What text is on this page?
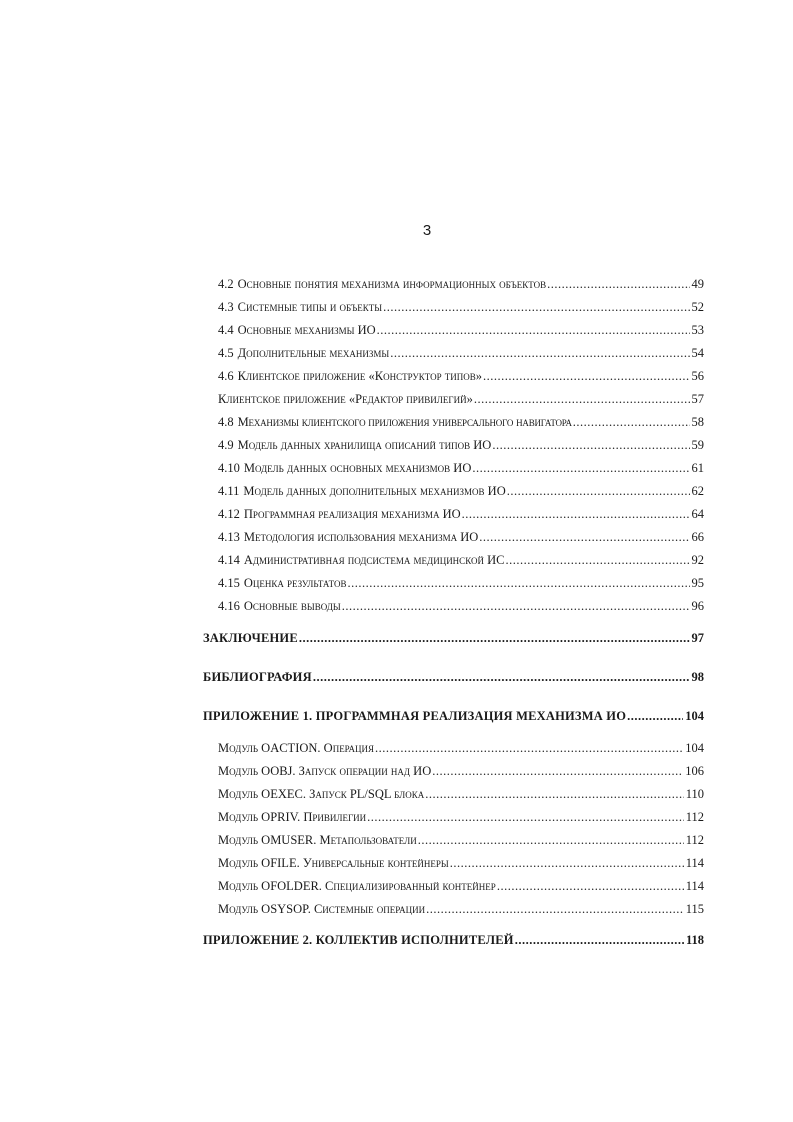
3
4.2 Основные понятия механизма информационных объектов .....	49
4.3 Системные типы и объекты .....	52
4.4 Основные механизмы ИО .....	53
4.5 Дополнительные механизмы .....	54
4.6 Клиентское приложение «Конструктор типов» .....	56
Клиентское приложение «Редактор привилегий» .....	57
4.8 Механизмы клиентского приложения универсального навигатора .....	58
4.9 Модель данных хранилища описаний типов ИО .....	59
4.10 Модель данных основных механизмов ИО .....	61
4.11 Модель данных дополнительных механизмов ИО .....	62
4.12 Программная реализация механизма ИО .....	64
4.13 Методология использования механизма ИО .....	66
4.14 Административная подсистема медицинской ИС .....	92
4.15 Оценка результатов .....	95
4.16 Основные выводы .....	96
ЗАКЛЮЧЕНИЕ .....	97
БИБЛИОГРАФИЯ .....	98
ПРИЛОЖЕНИЕ 1. ПРОГРАММНАЯ РЕАЛИЗАЦИЯ МЕХАНИЗМА ИО .....	104
Модуль OACTION. Операция .....	104
Модуль OOBJ. Запуск операции над ИО .....	106
Модуль OEXEC. Запуск PL/SQL блока .....	110
Модуль OPRIV. Привилегии .....	112
Модуль OMUSER. Метапользователи .....	112
Модуль OFILE. Универсальные контейнеры .....	114
Модуль OFOLDER. Специализированный контейнер .....	114
Модуль OSYSOP. Системные операции .....	115
ПРИЛОЖЕНИЕ 2. КОЛЛЕКТИВ ИСПОЛНИТЕЛЕЙ .....	118
